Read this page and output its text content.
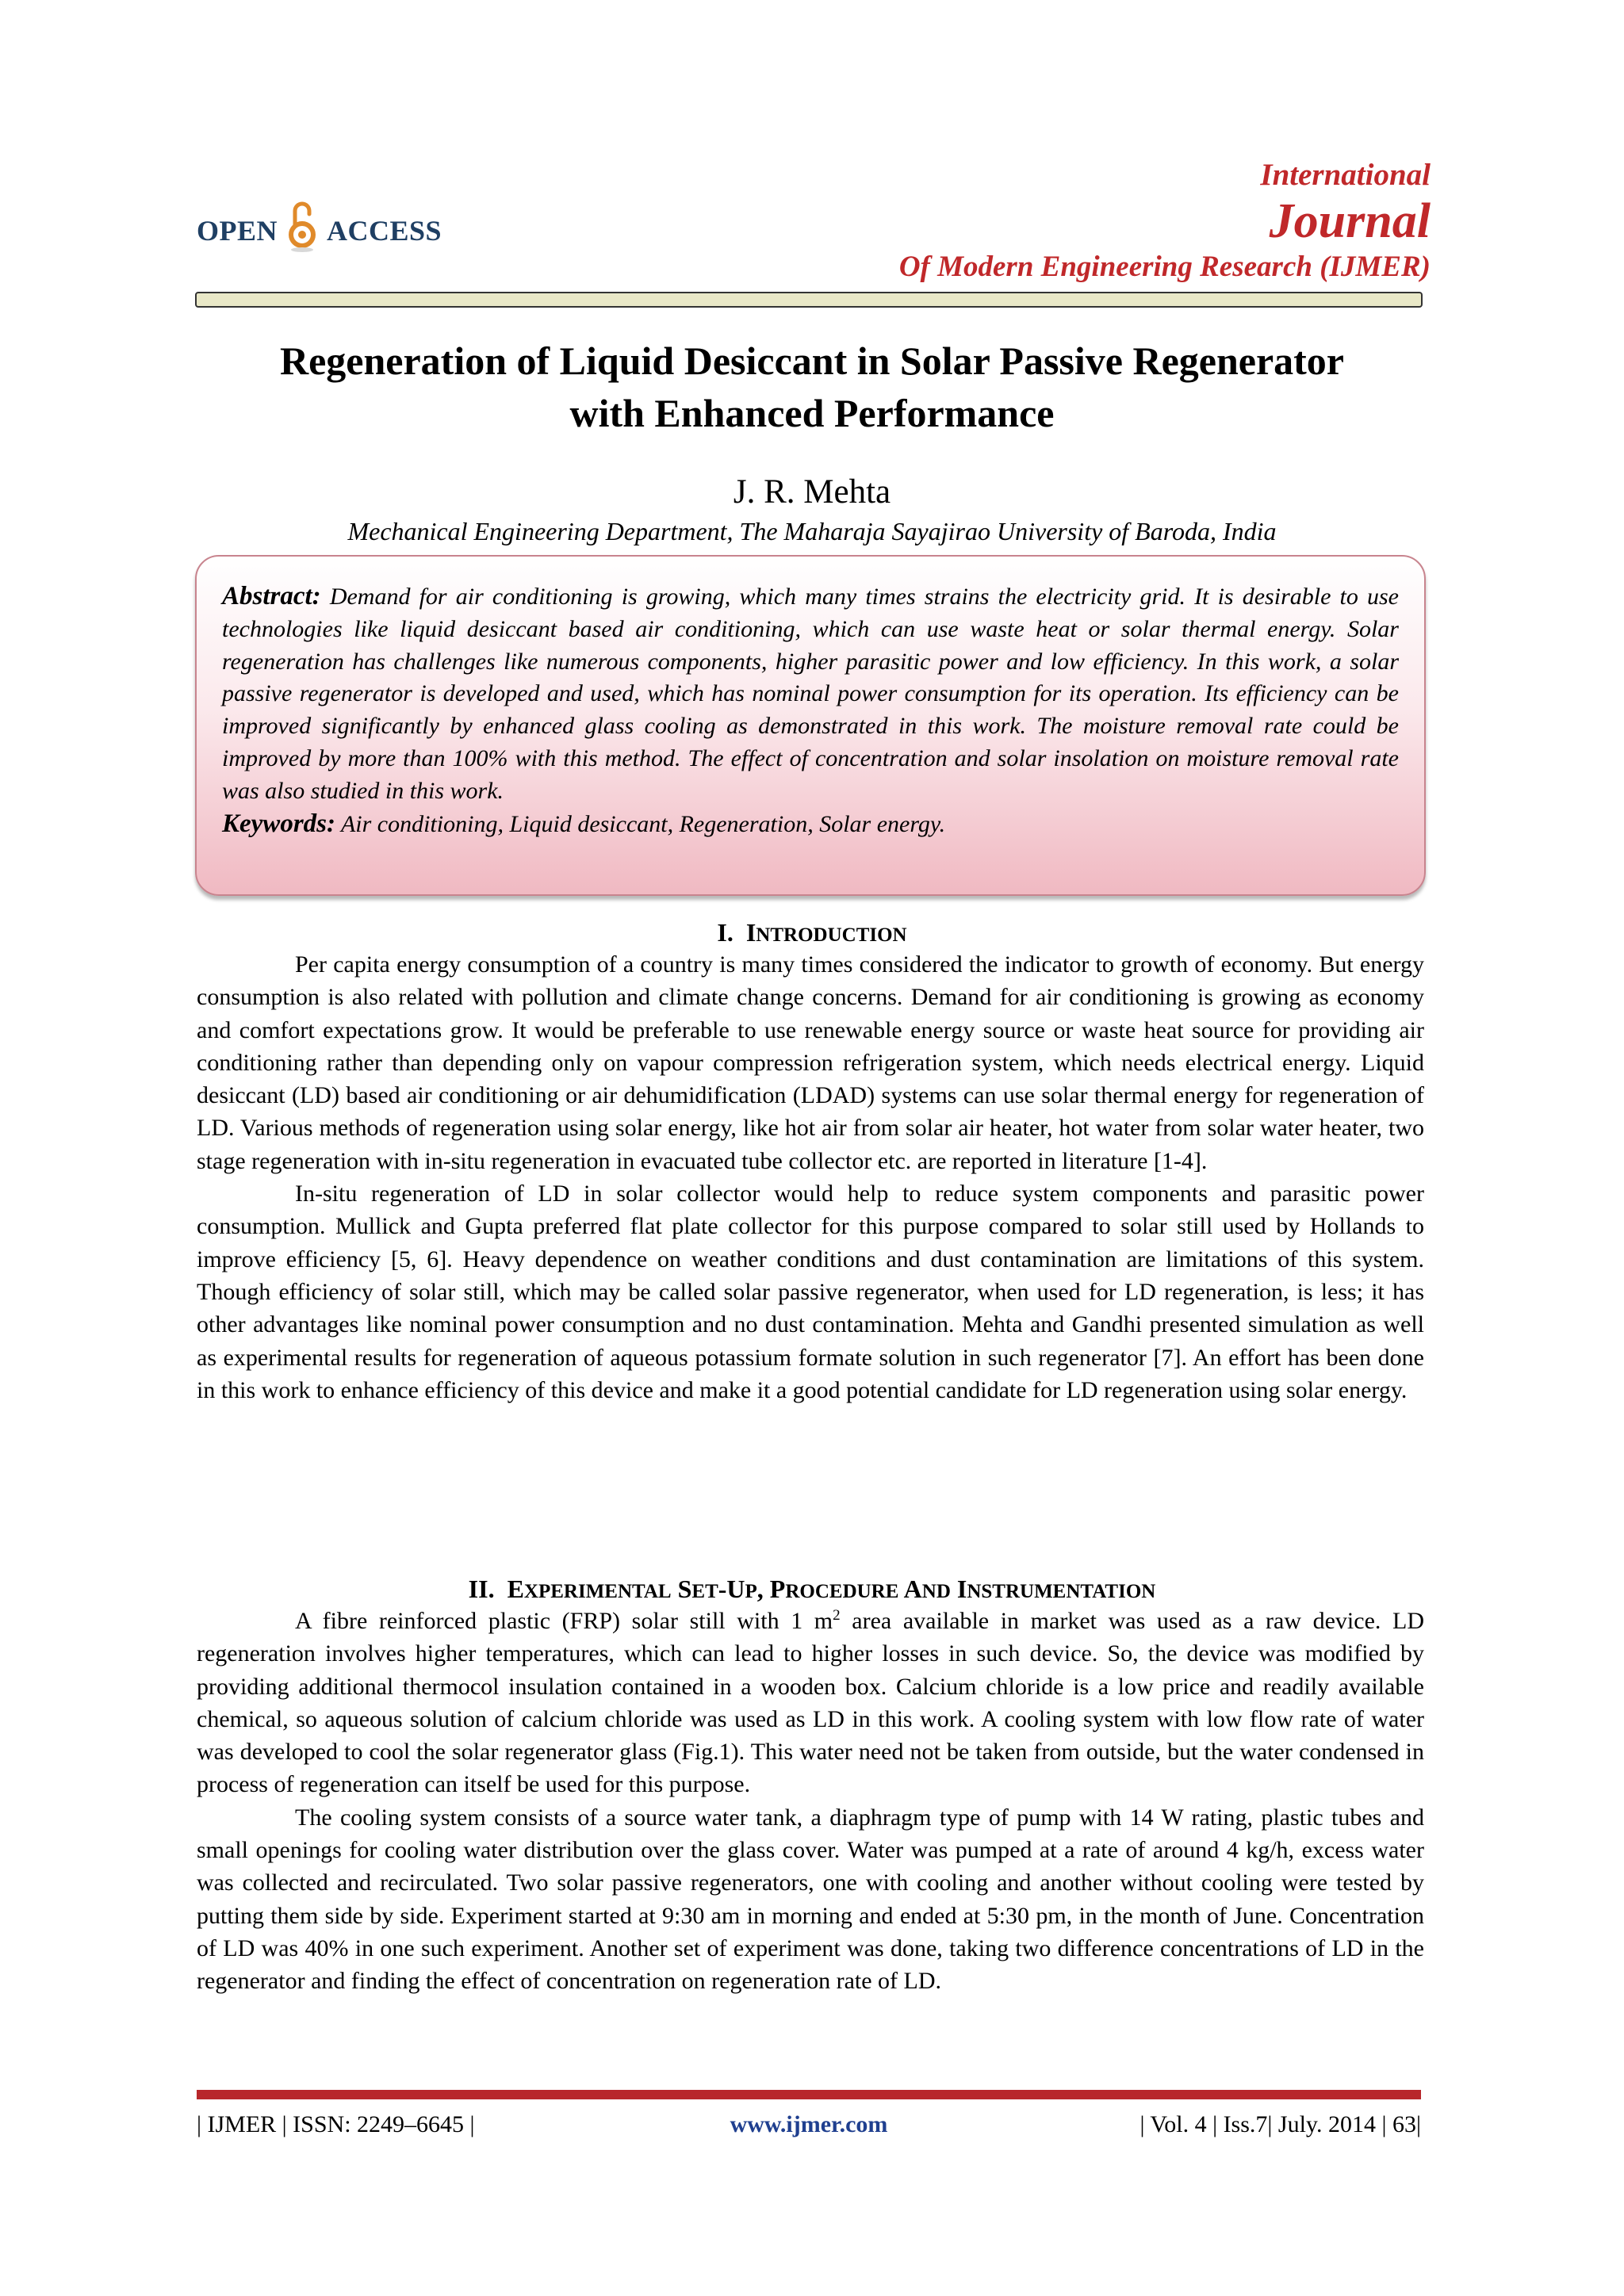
OPEN ACCESS
International
Journal
Of Modern Engineering Research (IJMER)
Regeneration of Liquid Desiccant in Solar Passive Regenerator
with Enhanced Performance
J. R. Mehta
Mechanical Engineering Department, The Maharaja Sayajirao University of Baroda, India
Abstract: Demand for air conditioning is growing, which many times strains the electricity grid. It is desirable to use technologies like liquid desiccant based air conditioning, which can use waste heat or solar thermal energy. Solar regeneration has challenges like numerous components, higher parasitic power and low efficiency. In this work, a solar passive regenerator is developed and used, which has nominal power consumption for its operation. Its efficiency can be improved significantly by enhanced glass cooling as demonstrated in this work. The moisture removal rate could be improved by more than 100% with this method. The effect of concentration and solar insolation on moisture removal rate was also studied in this work.
Keywords: Air conditioning, Liquid desiccant, Regeneration, Solar energy.
I. INTRODUCTION

Per capita energy consumption of a country is many times considered the indicator to growth of economy. But energy consumption is also related with pollution and climate change concerns. Demand for air conditioning is growing as economy and comfort expectations grow. It would be preferable to use renewable energy source or waste heat source for providing air conditioning rather than depending only on vapour compression refrigeration system, which needs electrical energy. Liquid desiccant (LD) based air conditioning or air dehumidification (LDAD) systems can use solar thermal energy for regeneration of LD. Various methods of regeneration using solar energy, like hot air from solar air heater, hot water from solar water heater, two stage regeneration with in-situ regeneration in evacuated tube collector etc. are reported in literature [1-4].

In-situ regeneration of LD in solar collector would help to reduce system components and parasitic power consumption. Mullick and Gupta preferred flat plate collector for this purpose compared to solar still used by Hollands to improve efficiency [5, 6]. Heavy dependence on weather conditions and dust contamination are limitations of this system. Though efficiency of solar still, which may be called solar passive regenerator, when used for LD regeneration, is less; it has other advantages like nominal power consumption and no dust contamination. Mehta and Gandhi presented simulation as well as experimental results for regeneration of aqueous potassium formate solution in such regenerator [7]. An effort has been done in this work to enhance efficiency of this device and make it a good potential candidate for LD regeneration using solar energy.

II. EXPERIMENTAL SET-UP, PROCEDURE AND INSTRUMENTATION

A fibre reinforced plastic (FRP) solar still with 1 $m^2$ area available in market was used as a raw device. LD regeneration involves higher temperatures, which can lead to higher losses in such device. So, the device was modified by providing additional thermocol insulation contained in a wooden box. Calcium chloride is a low price and readily available chemical, so aqueous solution of calcium chloride was used as LD in this work. A cooling system with low flow rate of water was developed to cool the solar regenerator glass (Fig.1). This water need not be taken from outside, but the water condensed in process of regeneration can itself be used for this purpose.

The cooling system consists of a source water tank, a diaphragm type of pump with 14 W rating, plastic tubes and small openings for cooling water distribution over the glass cover. Water was pumped at a rate of around 4 kg/h, excess water was collected and recirculated. Two solar passive regenerators, one with cooling and another without cooling were tested by putting them side by side. Experiment started at 9:30 am in morning and ended at 5:30 pm, in the month of June. Concentration of LD was 40% in one such experiment. Another set of experiment was done, taking two difference concentrations of LD in the regenerator and finding the effect of concentration on regeneration rate of LD.

| IJMER | ISSN: 2249–6645 |	www.ijmer.com	| Vol. 4 | Iss.7| July. 2014 | 63|
